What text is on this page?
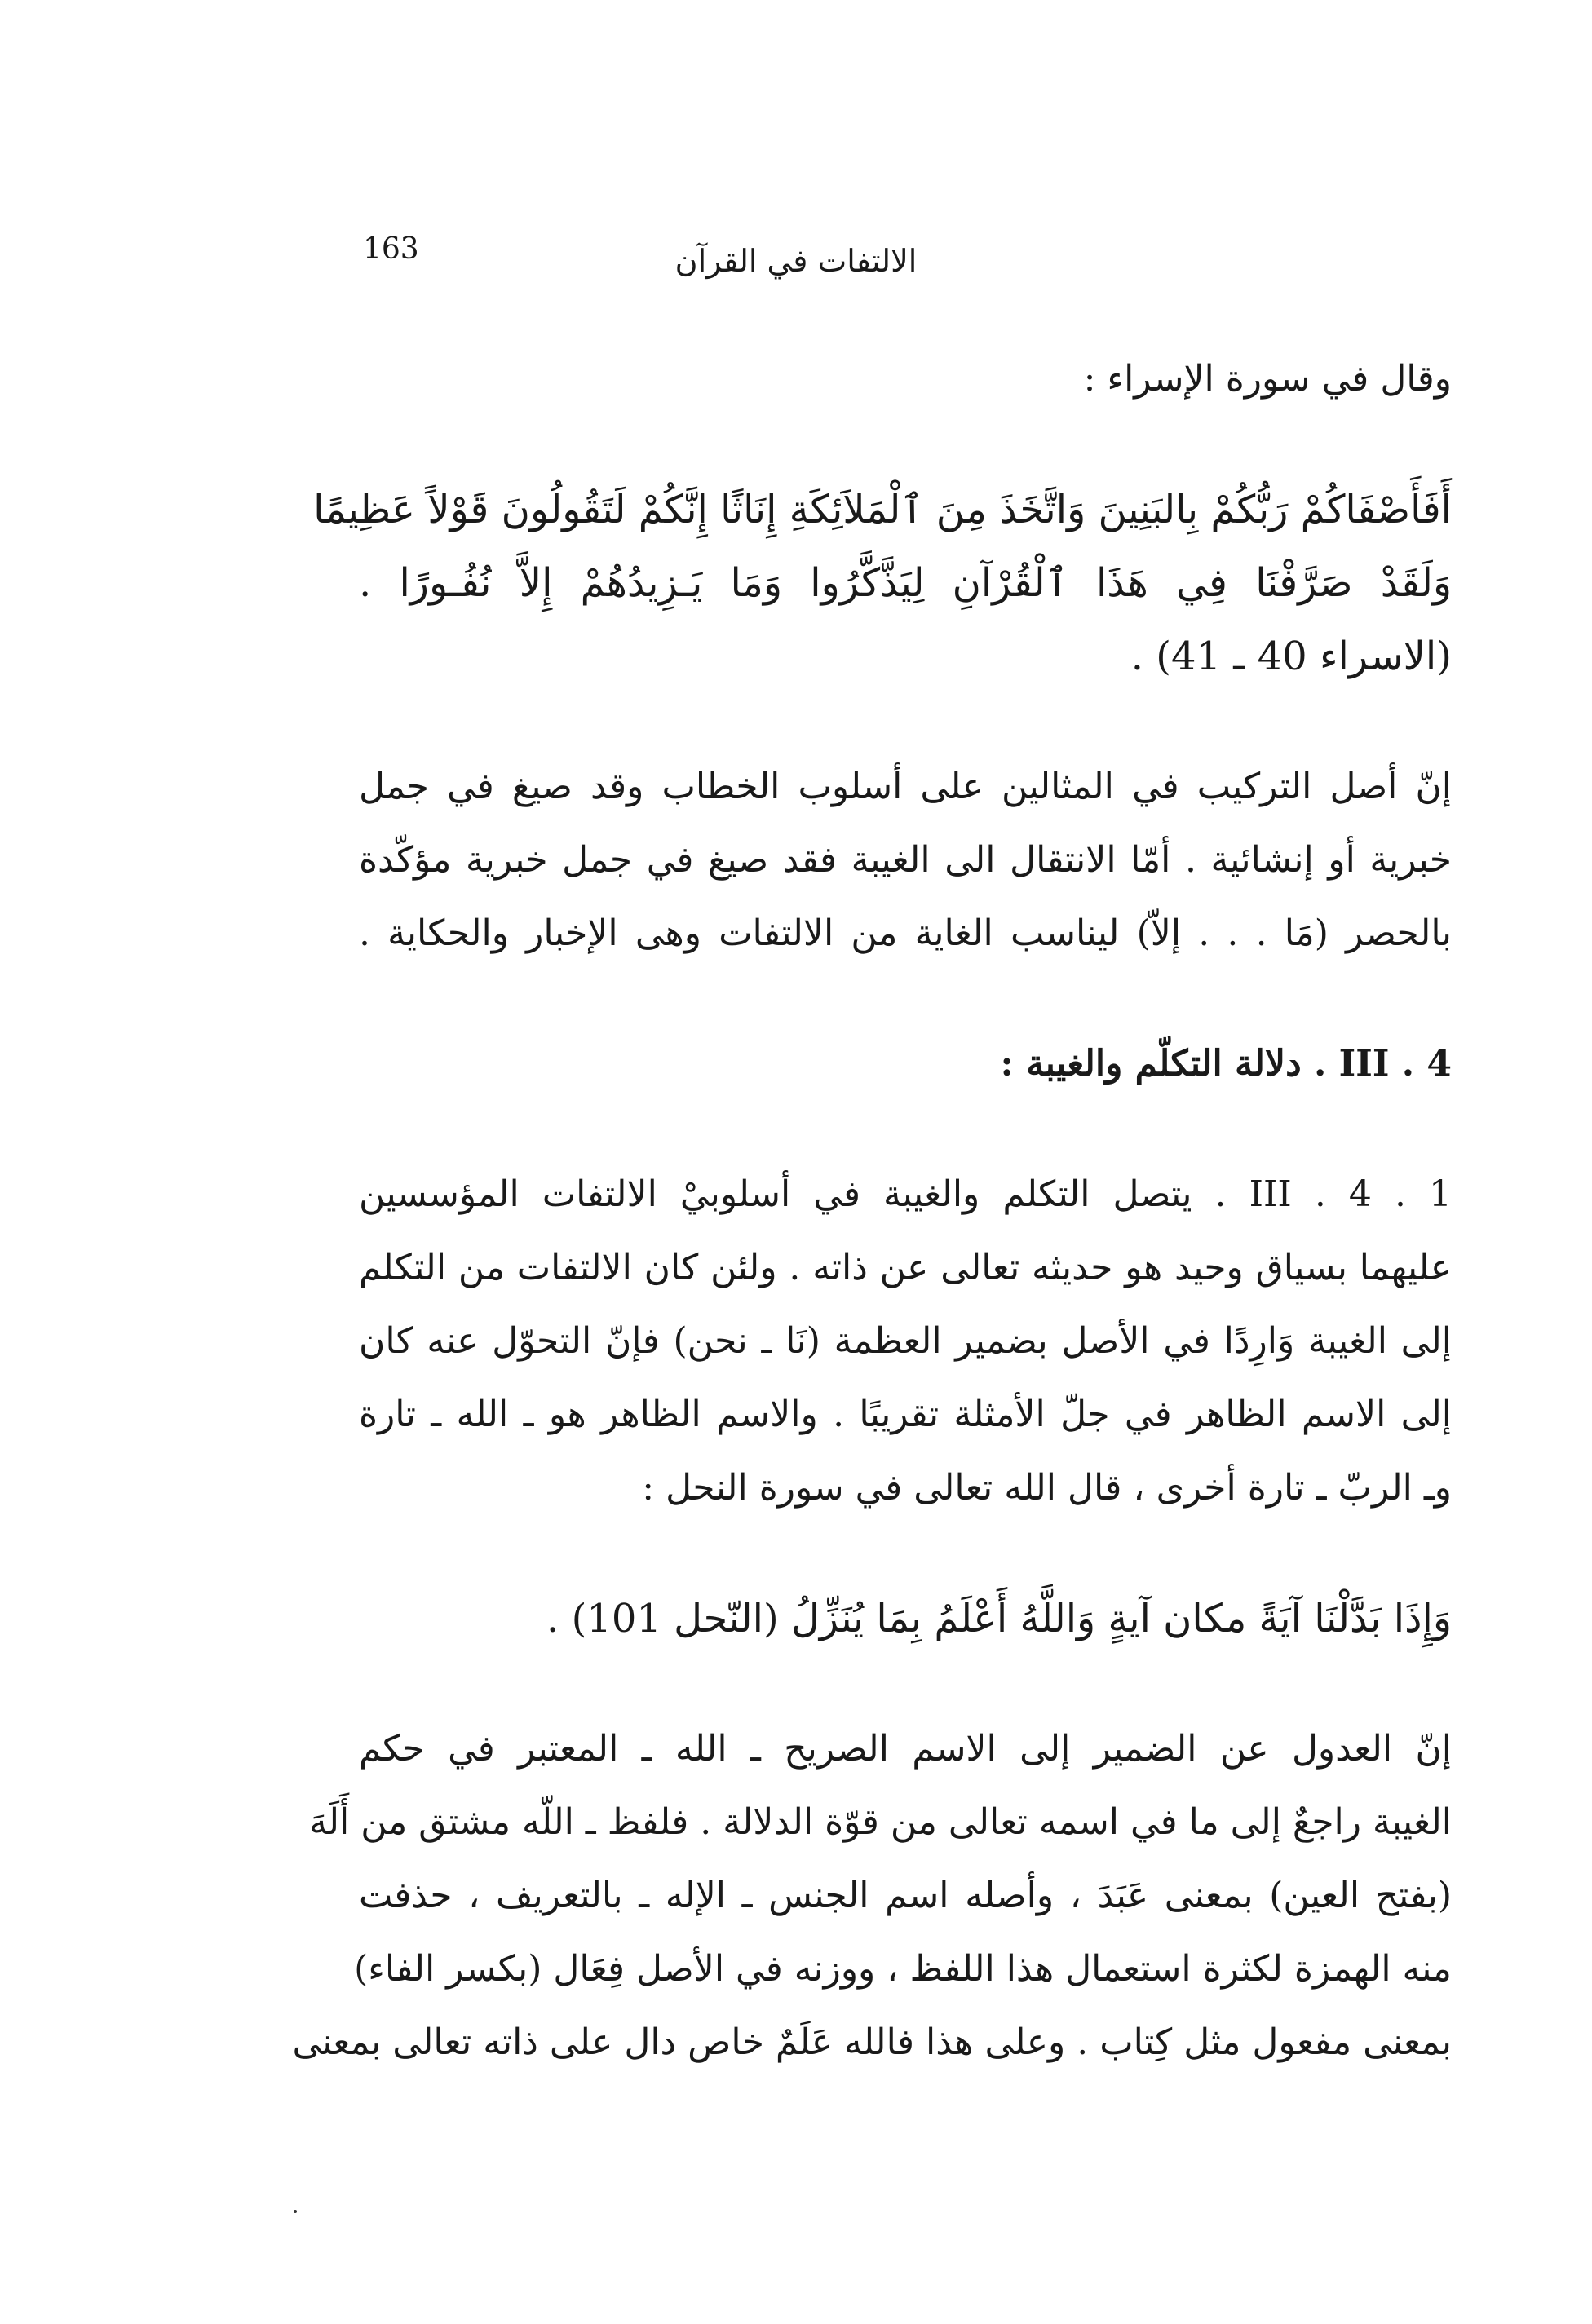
163	الالتفات في القرآن
وقال في سورة الإسراء :
أَفَأَصْفَاكُمْ رَبُّكُمْ بِالبَنِينَ وَاتَّخَذَ مِنَ ٱلْمَلاَئِكَةِ إِنَاثًا إِنَّكُمْ لَتَقُولُونَ قَوْلاً عَظِيمًا
وَلَقَدْ صَرَّفْنَا فِي هَذَا ٱلْقُرْآنِ لِيَذَّكَّرُوا وَمَا يَـزِيدُهُمْ إِلاَّ نُفُـورًا .
(الاسراء 40 ـ 41) .
إنّ أصل التركيب في المثالين على أسلوب الخطاب وقد صيغ في جمل
خبرية أو إنشائية . أمّا الانتقال الى الغيبة فقد صيغ في جمل خبرية مؤكّدة
بالحصر (مَا . . . إلاّ) ليناسب الغاية من الالتفات وهى الإخبار والحكاية .
III . 4 . دلالة التكلّم والغيبة :
III . 4 . 1 . يتصل التكلم والغيبة في أسلوبيْ الالتفات المؤسسين
عليهما بسياق وحيد هو حديثه تعالى عن ذاته . ولئن كان الالتفات من التكلم
إلى الغيبة وَارِدًا في الأصل بضمير العظمة (نَا ـ نحن) فإنّ التحوّل عنه كان
إلى الاسم الظاهر في جلّ الأمثلة تقريبًا . والاسم الظاهر هو ـ الله ـ تارة
وـ الربّ ـ تارة أخرى ، قال الله تعالى في سورة النحل :
وَإِذَا بَدَّلْنَا آيَةً مكان آيةٍ وَاللَّهُ أَعْلَمُ بِمَا يُنَزِّلُ (النّحل 101) .
إنّ العدول عن الضمير إلى الاسم الصريح ـ الله ـ المعتبر في حكم
الغيبة راجعٌ إلى ما في اسمه تعالى من قوّة الدلالة . فلفظ ـ اللّه مشتق من أَلَهَ
(بفتح العين) بمعنى عَبَدَ ، وأصله اسم الجنس ـ الإله ـ بالتعريف ، حذفت
منه الهمزة لكثرة استعمال هذا اللفظ ، ووزنه في الأصل فِعَال (بكسر الفاء)
بمعنى مفعول مثل كِتاب . وعلى هذا فالله عَلَمٌ خاص دال على ذاته تعالى بمعنى
